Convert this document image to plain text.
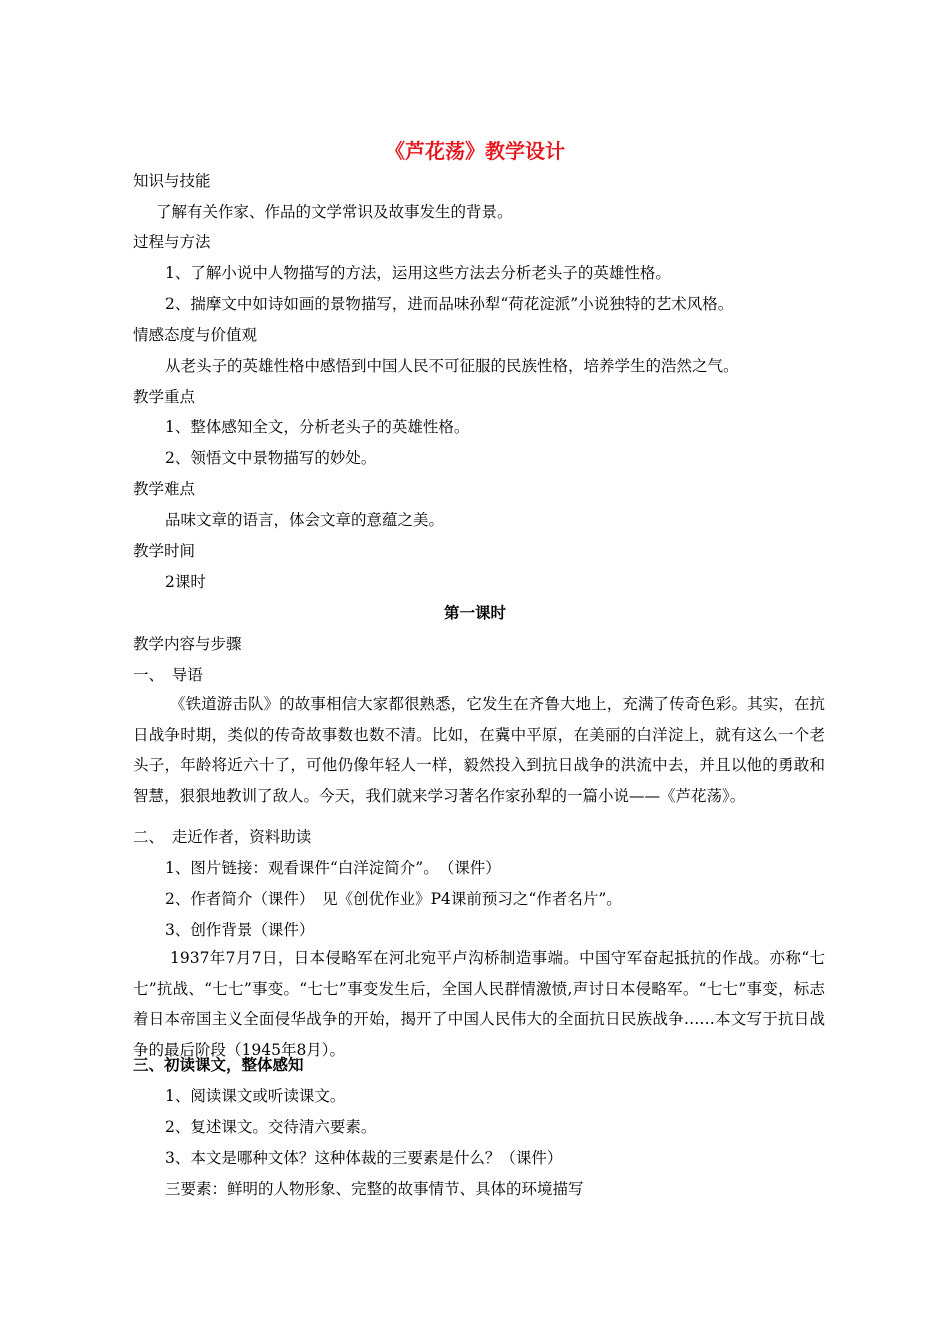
《芦花荡》教学设计
知识与技能
了解有关作家、作品的文学常识及故事发生的背景。
过程与方法
1、了解小说中人物描写的方法，运用这些方法去分析老头子的英雄性格。
2、揣摩文中如诗如画的景物描写，进而品味孙犁“荷花淀派”小说独特的艺术风格。
情感态度与价值观
从老头子的英雄性格中感悟到中国人民不可征服的民族性格，培养学生的浩然之气。
教学重点
1、整体感知全文，分析老头子的英雄性格。
2、领悟文中景物描写的妙处。
教学难点
品味文章的语言，体会文章的意蕴之美。
教学时间
2课时
第一课时
教学内容与步骤
一、　导语
《铁道游击队》的故事相信大家都很熟悉，它发生在齐鲁大地上，充满了传奇色彩。其实，在抗日战争时期，类似的传奇故事数也数不清。比如，在冀中平原，在美丽的白洋淀上，就有这么一个老头子，年龄将近六十了，可他仍像年轻人一样，毅然投入到抗日战争的洪流中去，并且以他的勇敢和智慧，狠狠地教训了敌人。今天，我们就来学习著名作家孙犁的一篇小说——《芦花荡》。
二、　走近作者，资料助读
1、图片链接：观看课件“白洋淀简介”。　（课件）
2、作者简介（课件）　见《创优作业》P4课前预习之“作者名片”。
3、创作背景（课件）
1937年7月7日，日本侵略军在河北宛平卢沟桥制造事端。中国守军奋起抵抗的作战。亦称“七七”抗战、“七七”事变。“七七”事变发生后，全国人民群情激愤,声讨日本侵略军。“七七”事变，标志着日本帝国主义全面侵华战争的开始，揭开了中国人民伟大的全面抗日民族战争……本文写于抗日战争的最后阶段（1945年8月）。
三、初读课文，整体感知
1、阅读课文或听读课文。
2、复述课文。交待清六要素。
3、本文是哪种文体？这种体裁的三要素是什么？（课件）
三要素：鲜明的人物形象、完整的故事情节、具体的环境描写
